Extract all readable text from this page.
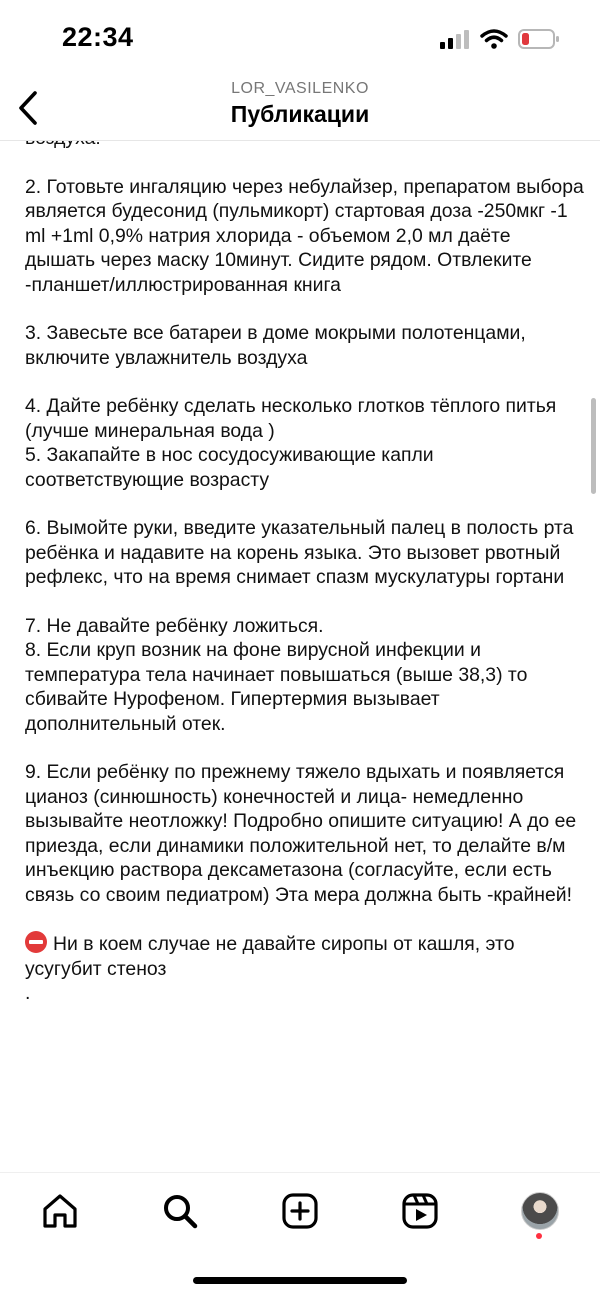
22:34
LOR_VASILENKO
Публикации

2. Готовьте ингаляцию через небулайзер, препаратом выбора является будесонид (пульмикорт) стартовая доза -250мкг -1 ml +1ml 0,9% натрия хлорида - объемом 2,0 мл даёте дышать через маску 10минут. Сидите рядом. Отвлеките -планшет/иллюстрированная книга

3. Завесьте все батареи в доме мокрыми полотенцами, включите увлажнитель воздуха

4. Дайте ребёнку сделать несколько глотков тёплого питья (лучше минеральная вода )

5. Закапайте в нос сосудосуживающие капли соответствующие возрасту

6. Вымойте руки, введите указательный палец в полость рта ребёнка и надавите на корень языка. Это вызовет рвотный рефлекс, что на время снимает спазм мускулатуры гортани

7. Не давайте ребёнку ложиться.

8. Если круп возник на фоне вирусной инфекции и температура тела начинает повышаться (выше 38,3) то сбивайте Нурофеном. Гипертермия вызывает дополнительный отек.

9. Если ребёнку по прежнему тяжело вдыхать и появляется цианоз (синюшность) конечностей и лица- немедленно вызывайте неотложку! Подробно опишите ситуацию! А до ее приезда, если динамики положительной нет, то делайте в/м инъекцию раствора дексаметазона (согласуйте, если есть связь со своим педиатром) Эта мера должна быть -крайней!

Ни в коем случае не давайте сиропы от кашля, это усугубит стеноз

.
